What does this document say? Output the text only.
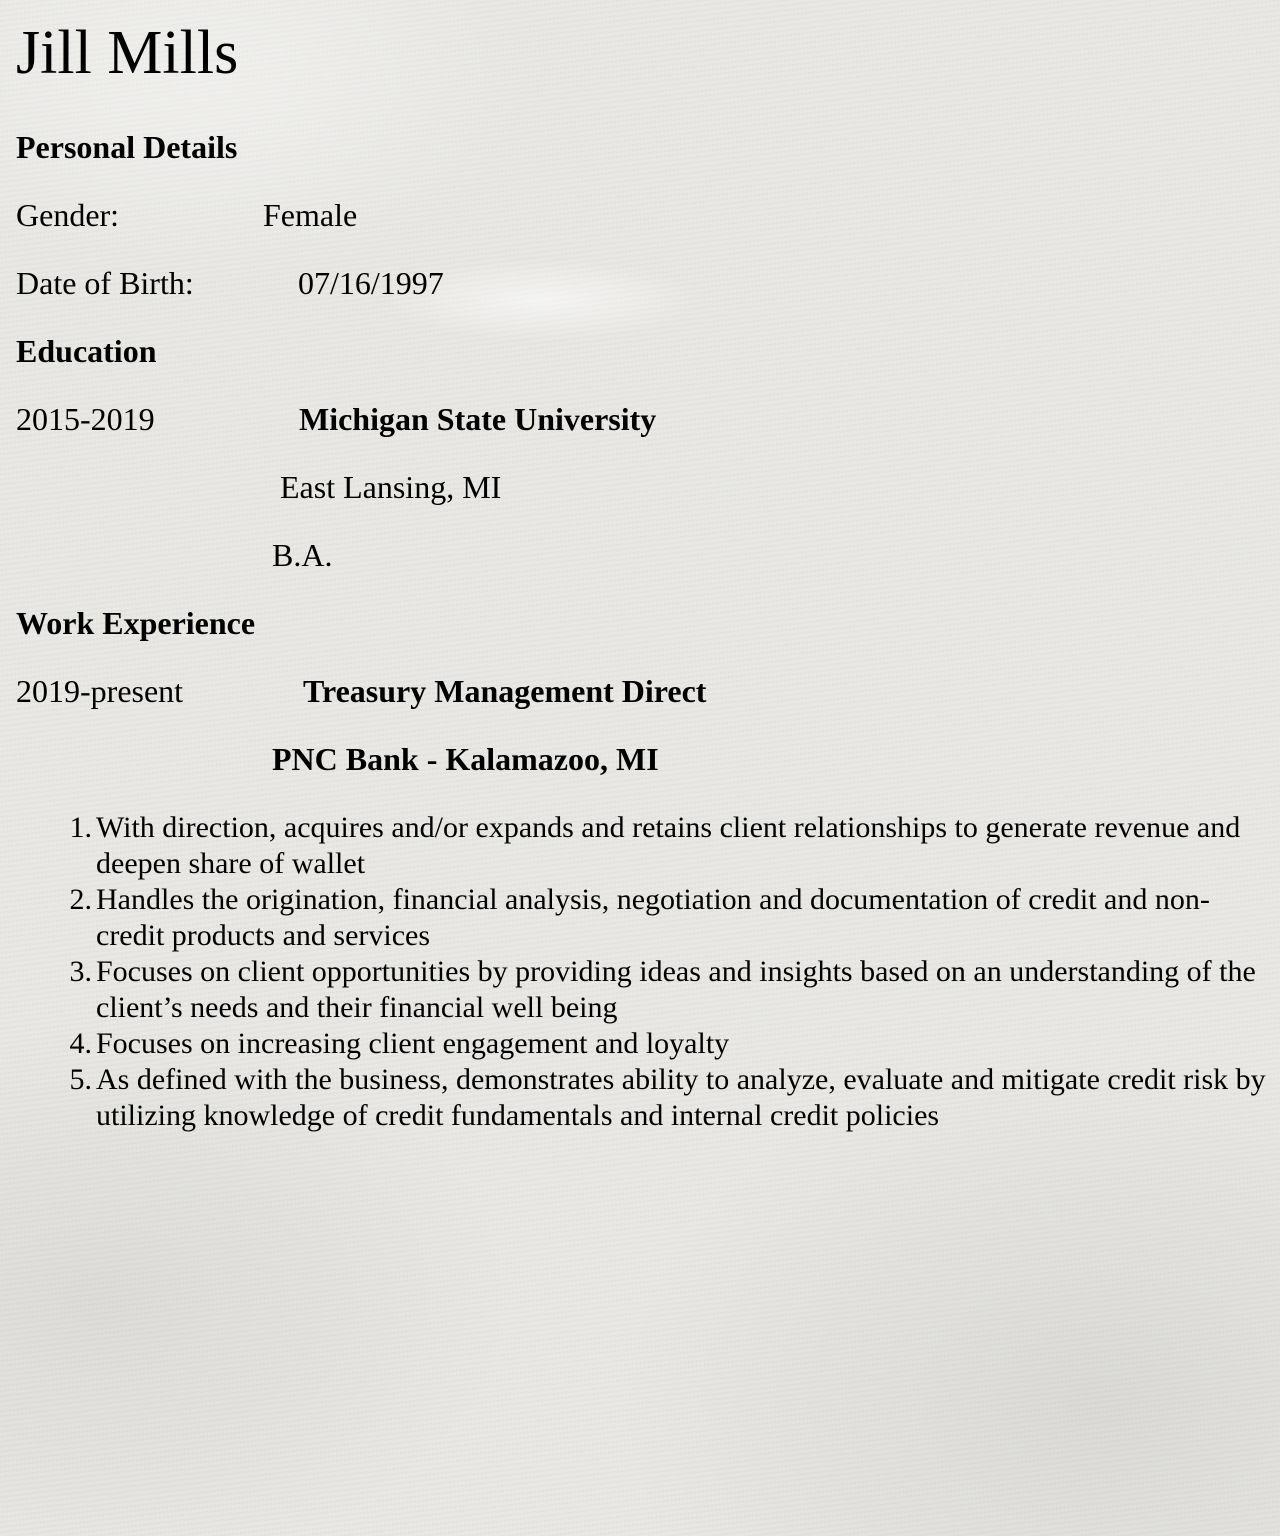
Jill Mills
Personal Details
Gender:	Female
Date of Birth:	07/16/1997
Education
2015-2019	Michigan State University
East Lansing, MI
B.A.
Work Experience
2019-present	Treasury Management Direct
PNC Bank - Kalamazoo, MI
1. With direction, acquires and/or expands and retains client relationships to generate revenue and deepen share of wallet
2. Handles the origination, financial analysis, negotiation and documentation of credit and non-credit products and services
3. Focuses on client opportunities by providing ideas and insights based on an understanding of the client’s needs and their financial well being
4. Focuses on increasing client engagement and loyalty
5. As defined with the business, demonstrates ability to analyze, evaluate and mitigate credit risk by utilizing knowledge of credit fundamentals and internal credit policies
